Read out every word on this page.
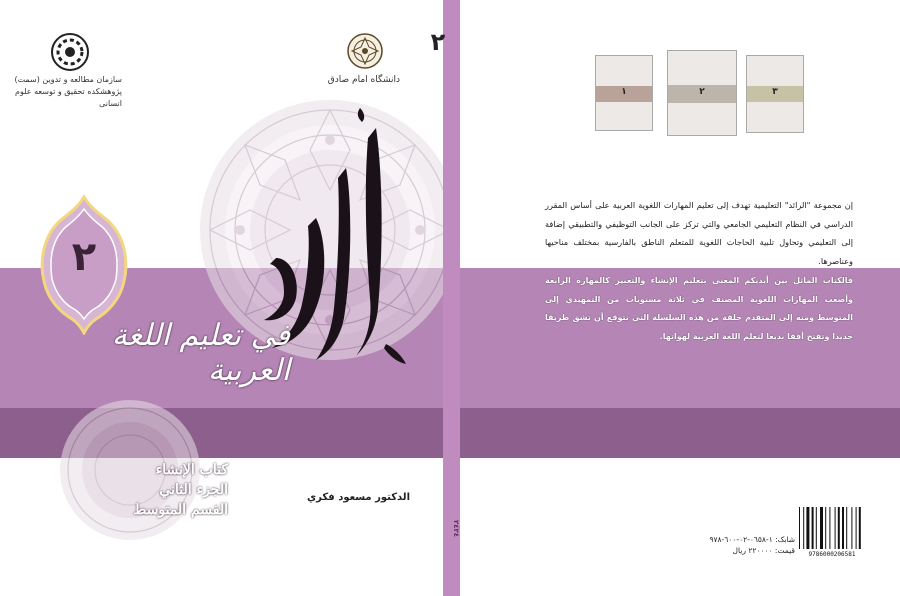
سازمان مطالعه و تدوین (سمت)
پژوهشکده تحقیق و توسعه علوم انسانی
دانشگاه امام صادق
٢
٢
في تعليم اللغة العربية
كتاب الإنشاء
الجزء الثاني
القسم المتوسط
الدكتور مسعود فكري
٢٤٢٤
١	٢	٣
إن مجموعة "الرائد" التعليمية تهدف إلى تعليم المهارات اللغوية العربية على أساس المقرر الدراسي في النظام التعليمي الجامعي والتي تركز على الجانب التوظيفي والتطبيقي إضافة إلى التعليمي وتحاول تلبية الحاجات اللغوية للمتعلم الناطق بالفارسية بمختلف مناحيها وعناصرها.
فالكتاب الماثل بين أيديكم المعني بتعليم الإنشاء والتعبير كالمهارة الرابعة وأصعب المهارات اللغوية المصنف في ثلاثة مستويات من التمهيدي إلى المتوسط ومنه إلى المتقدم حلقة من هذه السلسلة التي نتوقع أن تشق طريقا جديدا وتفتح أفقا بديعا لتعلم اللغة العربية لهواتها.
شابک: ١-٠٦٥٨-٠٢-٦٠٠-٩٧٨
قیمت: ٢٢٠٠٠٠ ریال	9786000206581
